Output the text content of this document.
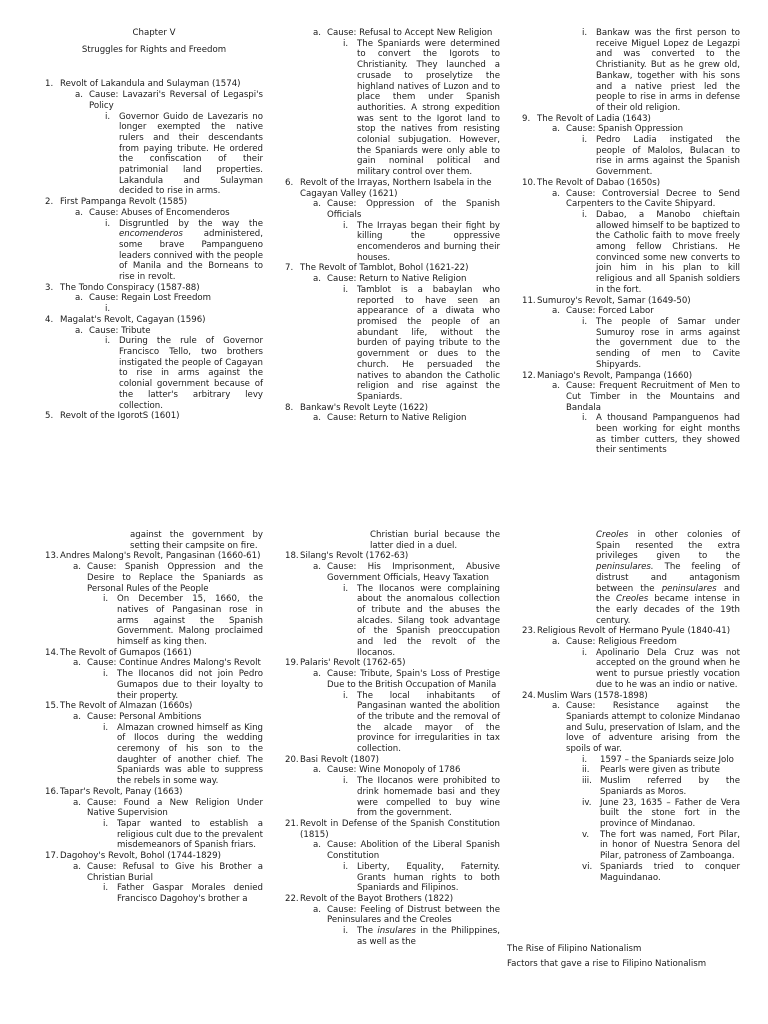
Chapter V

Struggles for Rights and Freedom

1. Revolt of Lakandula and Sulayman (1574)
a. Cause: Lavazari's Reversal of Legaspi's Policy
i.	Governor Guido de Lavezaris no longer exempted the native rulers and their descendants from paying tribute. He ordered the confiscation of their patrimonial land properties. Lakandula and Sulayman decided to rise in arms.
2. First Pampanga Revolt (1585)
a. Cause: Abuses of Encomenderos
i.	Disgruntled by the way the encomenderos administered, some brave Pampangueno leaders connived with the people of Manila and the Borneans to rise in revolt.
3. The Tondo Conspiracy (1587-88)
a. Cause: Regain Lost Freedom
i.
4. Magalat's Revolt, Cagayan (1596)
a. Cause: Tribute
i.	During the rule of Governor Francisco Tello, two brothers instigated the people of Cagayan to rise in arms against the colonial government because of the latter's arbitrary levy collection.
5. Revolt of the IgorotS (1601)
a. Cause: Refusal to Accept New Religion
i.	The Spaniards were determined to convert the Igorots to Christianity. They launched a crusade to proselytize the highland natives of Luzon and to place them under Spanish authorities. A strong expedition was sent to the Igorot land to stop the natives from resisting colonial subjugation. However, the Spaniards were only able to gain nominal political and military control over them.
6. Revolt of the Irrayas, Northern Isabela in the Cagayan Valley (1621)
a. Cause: Oppression of the Spanish Officials
i.	The Irrayas began their fight by killing the oppressive encomenderos and burning their houses.
7. The Revolt of Tamblot, Bohol (1621-22)
a. Cause: Return to Native Religion
i.	Tamblot is a babaylan who reported to have seen an appearance of a diwata who promised the people of an abundant life, without the burden of paying tribute to the government or dues to the church. He persuaded the natives to abandon the Catholic religion and rise against the Spaniards.
8. Bankaw's Revolt Leyte (1622)
a. Cause: Return to Native Religion
i.	Bankaw was the first person to receive Miguel Lopez de Legazpi and was converted to the Christianity. But as he grew old, Bankaw, together with his sons and a native priest led the people to rise in arms in defense of their old religion.
9. The Revolt of Ladia (1643)
a. Cause: Spanish Oppression
i.	Pedro Ladia instigated the people of Malolos, Bulacan to rise in arms against the Spanish Government.
10. The Revolt of Dabao (1650s)
a. Cause: Controversial Decree to Send Carpenters to the Cavite Shipyard.
i.	Dabao, a Manobo chieftain allowed himself to be baptized to the Catholic faith to move freely among fellow Christians. He convinced some new converts to join him in his plan to kill religious and all Spanish soldiers in the fort.
11. Sumuroy's Revolt, Samar (1649-50)
a. Cause: Forced Labor
i.	The people of Samar under Sumuroy rose in arms against the government due to the sending of men to Cavite Shipyards.
12. Maniago's Revolt, Pampanga (1660)
a. Cause: Frequent Recruitment of Men to Cut Timber in the Mountains and Bandala
i.	A thousand Pampanguenos had been working for eight months as timber cutters, they showed their sentiments

against the government by setting their campsite on fire.

13. Andres Malong's Revolt, Pangasinan (1660-61)
a. Cause: Spanish Oppression and the Desire to Replace the Spaniards as Personal Rules of the People
i.	On December 15, 1660, the natives of Pangasinan rose in arms against the Spanish Government. Malong proclaimed himself as king then.
14. The Revolt of Gumapos (1661)
a. Cause: Continue Andres Malong's Revolt
i.	The Ilocanos did not join Pedro Gumapos due to their loyalty to their property.
15. The Revolt of Almazan (1660s)
a. Cause: Personal Ambitions
i.	Almazan crowned himself as King of Ilocos during the wedding ceremony of his son to the daughter of another chief. The Spaniards was able to suppress the rebels in some way.
16. Tapar's Revolt, Panay (1663)
a. Cause: Found a New Religion Under Native Supervision
i.	Tapar wanted to establish a religious cult due to the prevalent misdemeanors of Spanish friars.
17. Dagohoy's Revolt, Bohol (1744-1829)
a. Cause: Refusal to Give his Brother a Christian Burial
i.	Father Gaspar Morales denied Francisco Dagohoy's brother a

Christian burial because the latter died in a duel.

18. Silang's Revolt (1762-63)
a. Cause: His Imprisonment, Abusive Government Officials, Heavy Taxation
i.	The Ilocanos were complaining about the anomalous collection of tribute and the abuses the alcades. Silang took advantage of the Spanish preoccupation and led the revolt of the Ilocanos.
19. Palaris' Revolt (1762-65)
a. Cause: Tribute, Spain's Loss of Prestige Due to the British Occupation of Manila
i.	The local inhabitants of Pangasinan wanted the abolition of the tribute and the removal of the alcade mayor of the province for irregularities in tax collection.
20. Basi Revolt (1807)
a. Cause: Wine Monopoly of 1786
i.	The Ilocanos were prohibited to drink homemade basi and they were compelled to buy wine from the government.
21. Revolt in Defense of the Spanish Constitution (1815)
a. Cause: Abolition of the Liberal Spanish Constitution
i.	Liberty, Equality, Faternity. Grants human rights to both Spaniards and Filipinos.
22. Revolt of the Bayot Brothers (1822)
a. Cause: Feeling of Distrust between the Peninsulares and the Creoles
i.	The insulares in the Philippines, as well as the

Creoles in other colonies of Spain resented the extra privileges given to the peninsulares. The feeling of distrust and antagonism between the peninsulares and the Creoles became intense in the early decades of the 19th century.

23. Religious Revolt of Hermano Pyule (1840-41)
a. Cause: Religious Freedom
i.	Apolinario Dela Cruz was not accepted on the ground when he went to pursue priestly vocation due to he was an indio or native.
24. Muslim Wars (1578-1898)
a. Cause: Resistance against the Spaniards attempt to colonize Mindanao and Sulu, preservation of Islam, and the love of adventure arising from the spoils of war.
i.	1597 – the Spaniards seize Jolo
ii.	Pearls were given as tribute
iii. Muslim referred by the Spaniards as Moros.
iv. June 23, 1635 – Father de Vera built the stone fort in the province of Mindanao.
v.	The fort was named, Fort Pilar, in honor of Nuestra Senora del Pilar, patroness of Zamboanga.
vi. Spaniards tried to conquer Maguindanao.

The Rise of Filipino Nationalism

Factors that gave a rise to Filipino Nationalism
